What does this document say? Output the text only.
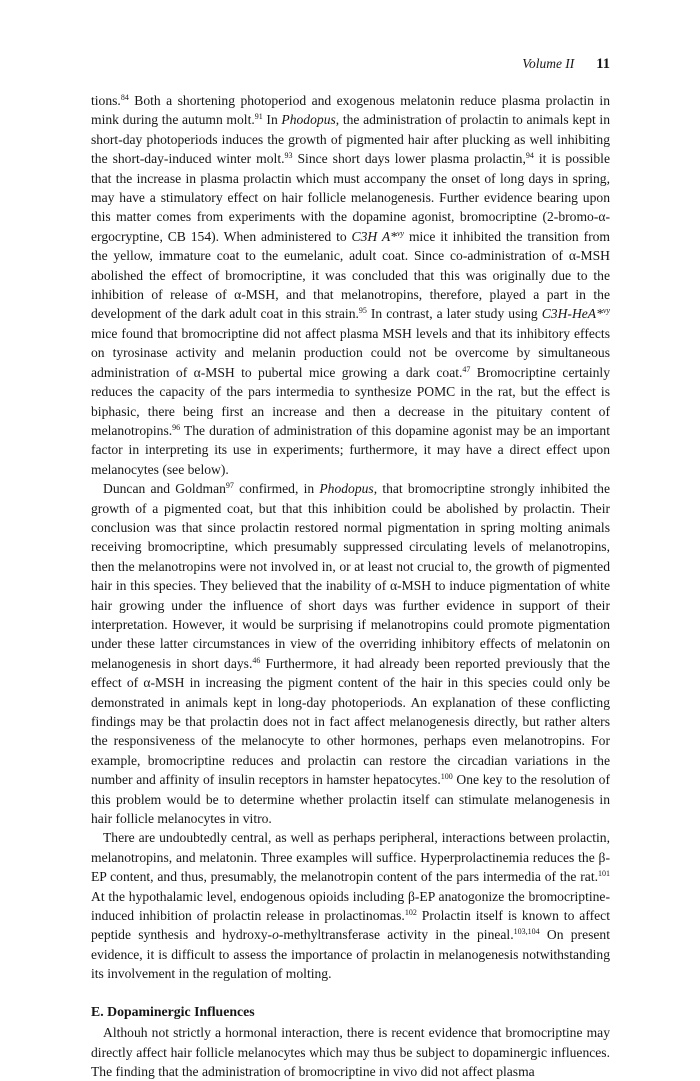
Volume II 11

tions.$^{84}$ Both a shortening photoperiod and exogenous melatonin reduce plasma prolactin in mink during the autumn molt.$^{91}$ In Phodopus, the administration of prolactin to animals kept in short-day photoperiods induces the growth of pigmented hair after plucking as well inhibiting the short-day-induced winter molt.$^{93}$ Since short days lower plasma prolactin,$^{94}$ it is possible that the increase in plasma prolactin which must accompany the onset of long days in spring, may have a stimulatory effect on hair follicle melanogenesis. Further evidence bearing upon this matter comes from experiments with the dopamine agonist, bromocriptine (2-bromo-α-ergocryptine, CB 154). When administered to C3H A*$^{vy}$ mice it inhibited the transition from the yellow, immature coat to the eumelanic, adult coat. Since co-administration of α-MSH abolished the effect of bromocriptine, it was concluded that this was originally due to the inhibition of release of α-MSH, and that melanotropins, therefore, played a part in the development of the dark adult coat in this strain.$^{95}$ In contrast, a later study using C3H-HeA*$^{vy}$ mice found that bromocriptine did not affect plasma MSH levels and that its inhibitory effects on tyrosinase activity and melanin production could not be overcome by simultaneous administration of α-MSH to pubertal mice growing a dark coat.$^{47}$ Bromocriptine certainly reduces the capacity of the pars intermedia to synthesize POMC in the rat, but the effect is biphasic, there being first an increase and then a decrease in the pituitary content of melanotropins.$^{96}$ The duration of administration of this dopamine agonist may be an important factor in interpreting its use in experiments; furthermore, it may have a direct effect upon melanocytes (see below).

Duncan and Goldman$^{97}$ confirmed, in Phodopus, that bromocriptine strongly inhibited the growth of a pigmented coat, but that this inhibition could be abolished by prolactin. Their conclusion was that since prolactin restored normal pigmentation in spring molting animals receiving bromocriptine, which presumably suppressed circulating levels of melanotropins, then the melanotropins were not involved in, or at least not crucial to, the growth of pigmented hair in this species. They believed that the inability of α-MSH to induce pigmentation of white hair growing under the influence of short days was further evidence in support of their interpretation. However, it would be surprising if melanotropins could promote pigmentation under these latter circumstances in view of the overriding inhibitory effects of melatonin on melanogenesis in short days.$^{46}$ Furthermore, it had already been reported previously that the effect of α-MSH in increasing the pigment content of the hair in this species could only be demonstrated in animals kept in long-day photoperiods. An explanation of these conflicting findings may be that prolactin does not in fact affect melanogenesis directly, but rather alters the responsiveness of the melanocyte to other hormones, perhaps even melanotropins. For example, bromocriptine reduces and prolactin can restore the circadian variations in the number and affinity of insulin receptors in hamster hepatocytes.$^{100}$ One key to the resolution of this problem would be to determine whether prolactin itself can stimulate melanogenesis in hair follicle melanocytes in vitro.

There are undoubtedly central, as well as perhaps peripheral, interactions between prolactin, melanotropins, and melatonin. Three examples will suffice. Hyperprolactinemia reduces the β-EP content, and thus, presumably, the melanotropin content of the pars intermedia of the rat.$^{101}$ At the hypothalamic level, endogenous opioids including β-EP anatogonize the bromocriptine-induced inhibition of prolactin release in prolactinomas.$^{102}$ Prolactin itself is known to affect peptide synthesis and hydroxy-o-methyltransferase activity in the pineal.$^{103,104}$ On present evidence, it is difficult to assess the importance of prolactin in melanogenesis notwithstanding its involvement in the regulation of molting.

E. Dopaminergic Influences

Althouh not strictly a hormonal interaction, there is recent evidence that bromocriptine may directly affect hair follicle melanocytes which may thus be subject to dopaminergic influences. The finding that the administration of bromocriptine in vivo did not affect plasma
